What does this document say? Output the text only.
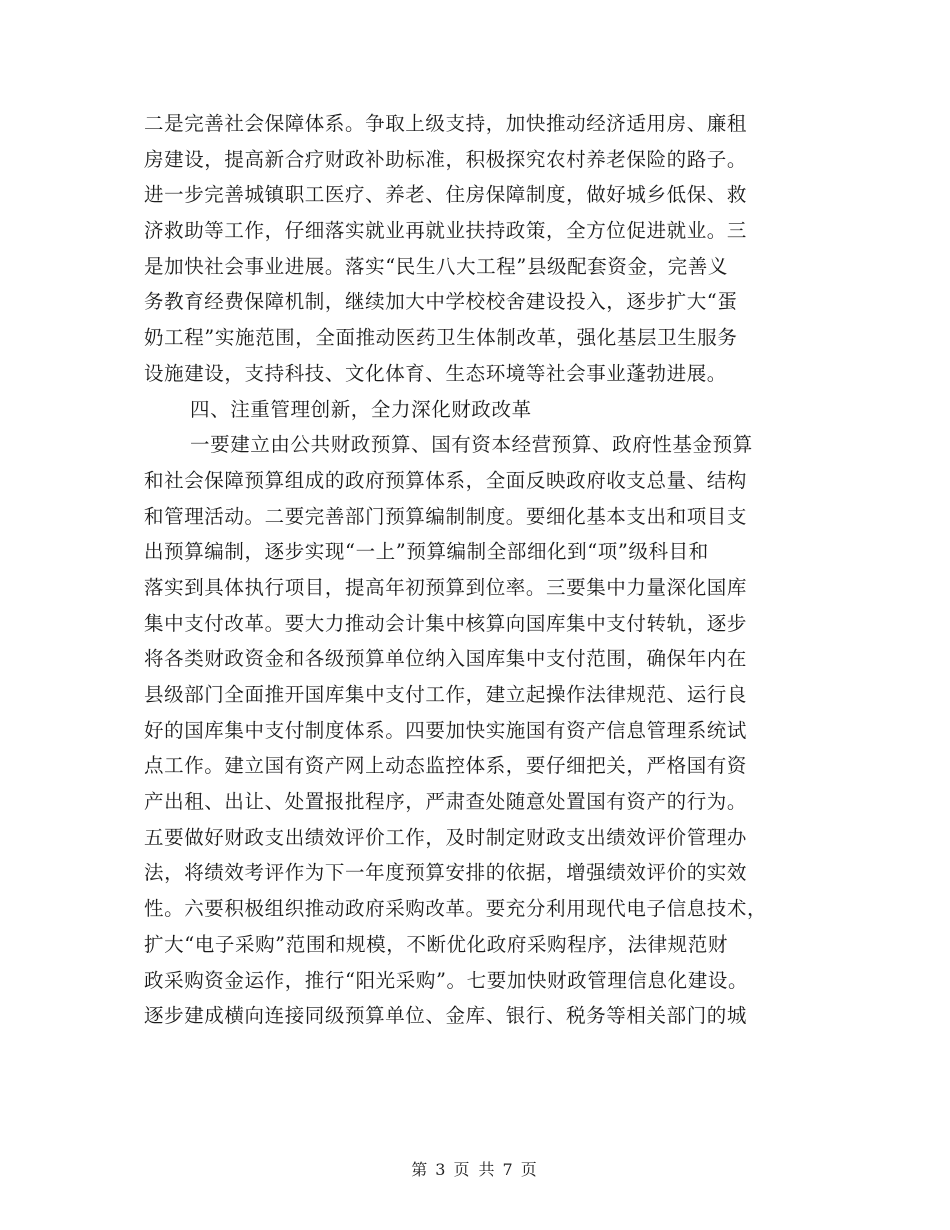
二是完善社会保障体系。争取上级支持，加快推动经济适用房、廉租
房建设，提高新合疗财政补助标准，积极探究农村养老保险的路子。
进一步完善城镇职工医疗、养老、住房保障制度，做好城乡低保、救
济救助等工作，仔细落实就业再就业扶持政策，全方位促进就业。三
是加快社会事业进展。落实“民生八大工程”县级配套资金，完善义
务教育经费保障机制，继续加大中学校校舍建设投入，逐步扩大“蛋
奶工程”实施范围，全面推动医药卫生体制改革，强化基层卫生服务
设施建设，支持科技、文化体育、生态环境等社会事业蓬勃进展。
四、注重管理创新，全力深化财政改革
一要建立由公共财政预算、国有资本经营预算、政府性基金预算
和社会保障预算组成的政府预算体系，全面反映政府收支总量、结构
和管理活动。二要完善部门预算编制制度。要细化基本支出和项目支
出预算编制，逐步实现“一上”预算编制全部细化到“项”级科目和
落实到具体执行项目，提高年初预算到位率。三要集中力量深化国库
集中支付改革。要大力推动会计集中核算向国库集中支付转轨，逐步
将各类财政资金和各级预算单位纳入国库集中支付范围，确保年内在
县级部门全面推开国库集中支付工作，建立起操作法律规范、运行良
好的国库集中支付制度体系。四要加快实施国有资产信息管理系统试
点工作。建立国有资产网上动态监控体系，要仔细把关，严格国有资
产出租、出让、处置报批程序，严肃查处随意处置国有资产的行为。
五要做好财政支出绩效评价工作，及时制定财政支出绩效评价管理办
法，将绩效考评作为下一年度预算安排的依据，增强绩效评价的实效
性。六要积极组织推动政府采购改革。要充分利用现代电子信息技术，
扩大“电子采购”范围和规模，不断优化政府采购程序，法律规范财
政采购资金运作，推行“阳光采购”。七要加快财政管理信息化建设。
逐步建成横向连接同级预算单位、金库、银行、税务等相关部门的城
第 3 页 共 7 页
